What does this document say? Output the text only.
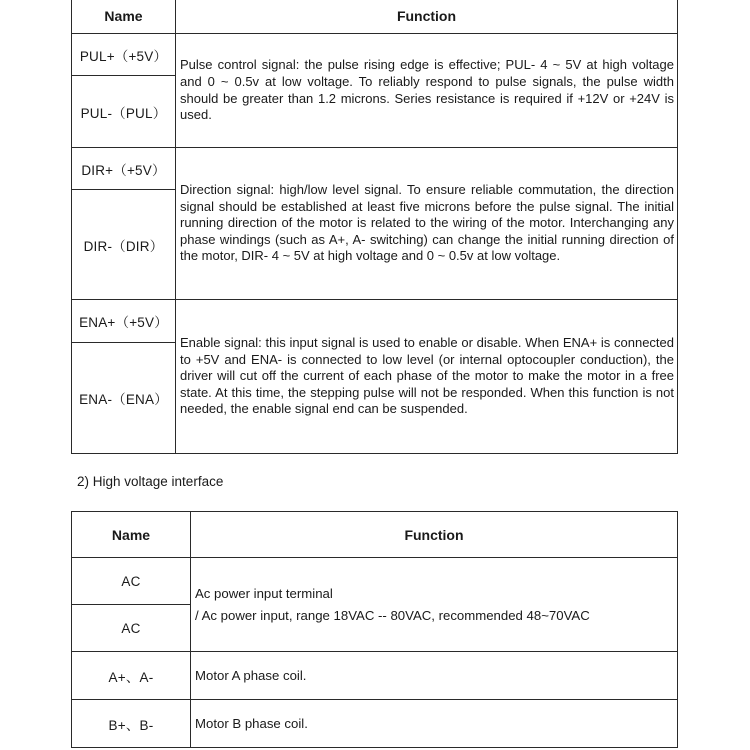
Name	Function
PUL+（+5V）	Pulse control signal: the pulse rising edge is effective; PUL- 4 ~ 5V at high voltage and 0 ~ 0.5v at low voltage. To reliably respond to pulse signals, the pulse width should be greater than 1.2 microns. Series resistance is required if +12V or +24V is used.
PUL-（PUL）	
DIR+（+5V）	Direction signal: high/low level signal. To ensure reliable commutation, the direction signal should be established at least five microns before the pulse signal. The initial running direction of the motor is related to the wiring of the motor. Interchanging any phase windings (such as A+, A- switching) can change the initial running direction of the motor, DIR- 4 ~ 5V at high voltage and 0 ~ 0.5v at low voltage.
DIR-（DIR）	
ENA+（+5V）	Enable signal: this input signal is used to enable or disable. When ENA+ is connected to +5V and ENA- is connected to low level (or internal optocoupler conduction), the driver will cut off the current of each phase of the motor to make the motor in a free state. At this time, the stepping pulse will not be responded. When this function is not needed, the enable signal end can be suspended.
ENA-（ENA）	
2) High voltage interface
Name	Function
AC	Ac power input terminal
/ Ac power input, range 18VAC -- 80VAC, recommended 48~70VAC

AC	
A+、A-	Motor A phase coil.
B+、B-	Motor B phase coil.
